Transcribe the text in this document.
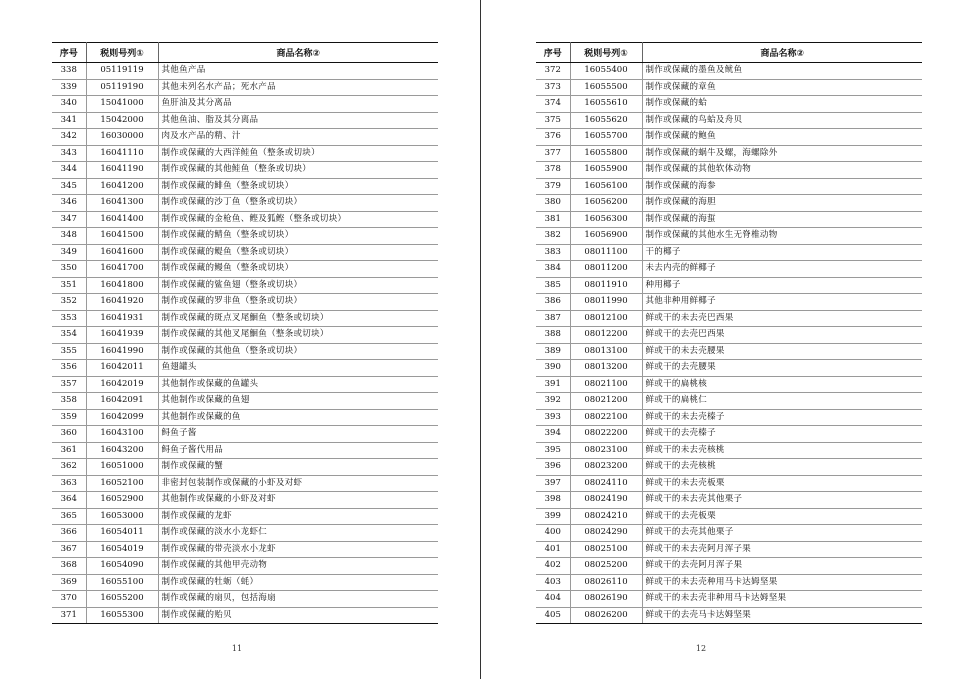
序号	税则号列①	商品名称②
338	05119119	其他鱼产品
339	05119190	其他未列名水产品；死水产品
340	15041000	鱼肝油及其分离品
341	15042000	其他鱼油、脂及其分离品
342	16030000	肉及水产品的精、汁
343	16041110	制作或保藏的大西洋鲑鱼（整条或切块）
344	16041190	制作或保藏的其他鲑鱼（整条或切块）
345	16041200	制作或保藏的鲱鱼（整条或切块）
346	16041300	制作或保藏的沙丁鱼（整条或切块）
347	16041400	制作或保藏的金枪鱼、鲣及狐鲣（整条或切块）
348	16041500	制作或保藏的鲭鱼（整条或切块）
349	16041600	制作或保藏的鳀鱼（整条或切块）
350	16041700	制作或保藏的鳗鱼（整条或切块）
351	16041800	制作或保藏的鲨鱼翅（整条或切块）
352	16041920	制作或保藏的罗非鱼（整条或切块）
353	16041931	制作或保藏的斑点叉尾鮰鱼（整条或切块）
354	16041939	制作或保藏的其他叉尾鮰鱼（整条或切块）
355	16041990	制作或保藏的其他鱼（整条或切块）
356	16042011	鱼翅罐头
357	16042019	其他制作或保藏的鱼罐头
358	16042091	其他制作或保藏的鱼翅
359	16042099	其他制作或保藏的鱼
360	16043100	鲟鱼子酱
361	16043200	鲟鱼子酱代用品
362	16051000	制作或保藏的蟹
363	16052100	非密封包装制作或保藏的小虾及对虾
364	16052900	其他制作或保藏的小虾及对虾
365	16053000	制作或保藏的龙虾
366	16054011	制作或保藏的淡水小龙虾仁
367	16054019	制作或保藏的带壳淡水小龙虾
368	16054090	制作或保藏的其他甲壳动物
369	16055100	制作或保藏的牡蛎（蚝）
370	16055200	制作或保藏的扇贝，包括海扇
371	16055300	制作或保藏的贻贝
11
序号	税则号列①	商品名称②
372	16055400	制作或保藏的墨鱼及鱿鱼
373	16055500	制作或保藏的章鱼
374	16055610	制作或保藏的蛤
375	16055620	制作或保藏的鸟蛤及舟贝
376	16055700	制作或保藏的鲍鱼
377	16055800	制作或保藏的蜗牛及螺，海螺除外
378	16055900	制作或保藏的其他软体动物
379	16056100	制作或保藏的海参
380	16056200	制作或保藏的海胆
381	16056300	制作或保藏的海蜇
382	16056900	制作或保藏的其他水生无脊椎动物
383	08011100	干的椰子
384	08011200	未去内壳的鲜椰子
385	08011910	种用椰子
386	08011990	其他非种用鲜椰子
387	08012100	鲜或干的未去壳巴西果
388	08012200	鲜或干的去壳巴西果
389	08013100	鲜或干的未去壳腰果
390	08013200	鲜或干的去壳腰果
391	08021100	鲜或干的扁桃核
392	08021200	鲜或干的扁桃仁
393	08022100	鲜或干的未去壳榛子
394	08022200	鲜或干的去壳榛子
395	08023100	鲜或干的未去壳核桃
396	08023200	鲜或干的去壳核桃
397	08024110	鲜或干的未去壳板栗
398	08024190	鲜或干的未去壳其他栗子
399	08024210	鲜或干的去壳板栗
400	08024290	鲜或干的去壳其他栗子
401	08025100	鲜或干的未去壳阿月浑子果
402	08025200	鲜或干的去壳阿月浑子果
403	08026110	鲜或干的未去壳种用马卡达姆坚果
404	08026190	鲜或干的未去壳非种用马卡达姆坚果
405	08026200	鲜或干的去壳马卡达姆坚果
12
